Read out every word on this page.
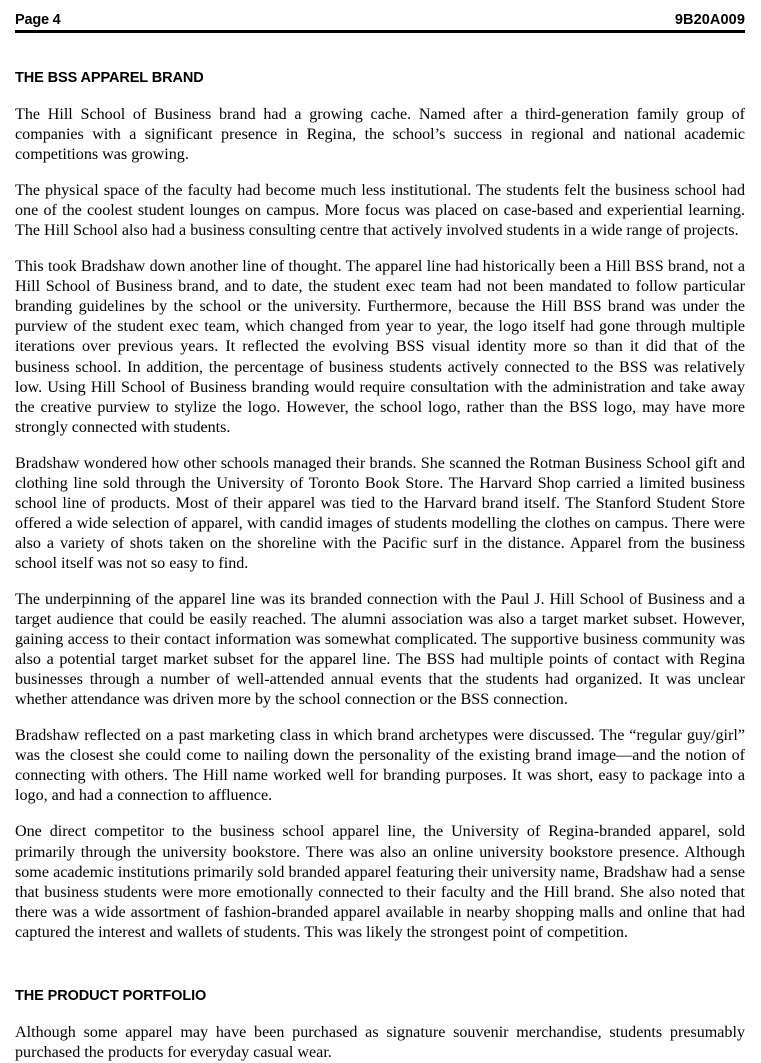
Page 4	9B20A009
THE BSS APPAREL BRAND

The Hill School of Business brand had a growing cache. Named after a third-generation family group of companies with a significant presence in Regina, the school’s success in regional and national academic competitions was growing.

The physical space of the faculty had become much less institutional. The students felt the business school had one of the coolest student lounges on campus. More focus was placed on case-based and experiential learning. The Hill School also had a business consulting centre that actively involved students in a wide range of projects.

This took Bradshaw down another line of thought. The apparel line had historically been a Hill BSS brand, not a Hill School of Business brand, and to date, the student exec team had not been mandated to follow particular branding guidelines by the school or the university. Furthermore, because the Hill BSS brand was under the purview of the student exec team, which changed from year to year, the logo itself had gone through multiple iterations over previous years. It reflected the evolving BSS visual identity more so than it did that of the business school. In addition, the percentage of business students actively connected to the BSS was relatively low. Using Hill School of Business branding would require consultation with the administration and take away the creative purview to stylize the logo. However, the school logo, rather than the BSS logo, may have more strongly connected with students.

Bradshaw wondered how other schools managed their brands. She scanned the Rotman Business School gift and clothing line sold through the University of Toronto Book Store. The Harvard Shop carried a limited business school line of products. Most of their apparel was tied to the Harvard brand itself. The Stanford Student Store offered a wide selection of apparel, with candid images of students modelling the clothes on campus. There were also a variety of shots taken on the shoreline with the Pacific surf in the distance. Apparel from the business school itself was not so easy to find.

The underpinning of the apparel line was its branded connection with the Paul J. Hill School of Business and a target audience that could be easily reached. The alumni association was also a target market subset. However, gaining access to their contact information was somewhat complicated. The supportive business community was also a potential target market subset for the apparel line. The BSS had multiple points of contact with Regina businesses through a number of well-attended annual events that the students had organized. It was unclear whether attendance was driven more by the school connection or the BSS connection.

Bradshaw reflected on a past marketing class in which brand archetypes were discussed. The “regular guy/girl” was the closest she could come to nailing down the personality of the existing brand image—and the notion of connecting with others. The Hill name worked well for branding purposes. It was short, easy to package into a logo, and had a connection to affluence.

One direct competitor to the business school apparel line, the University of Regina-branded apparel, sold primarily through the university bookstore. There was also an online university bookstore presence. Although some academic institutions primarily sold branded apparel featuring their university name, Bradshaw had a sense that business students were more emotionally connected to their faculty and the Hill brand. She also noted that there was a wide assortment of fashion-branded apparel available in nearby shopping malls and online that had captured the interest and wallets of students. This was likely the strongest point of competition.

THE PRODUCT PORTFOLIO

Although some apparel may have been purchased as signature souvenir merchandise, students presumably purchased the products for everyday casual wear.
